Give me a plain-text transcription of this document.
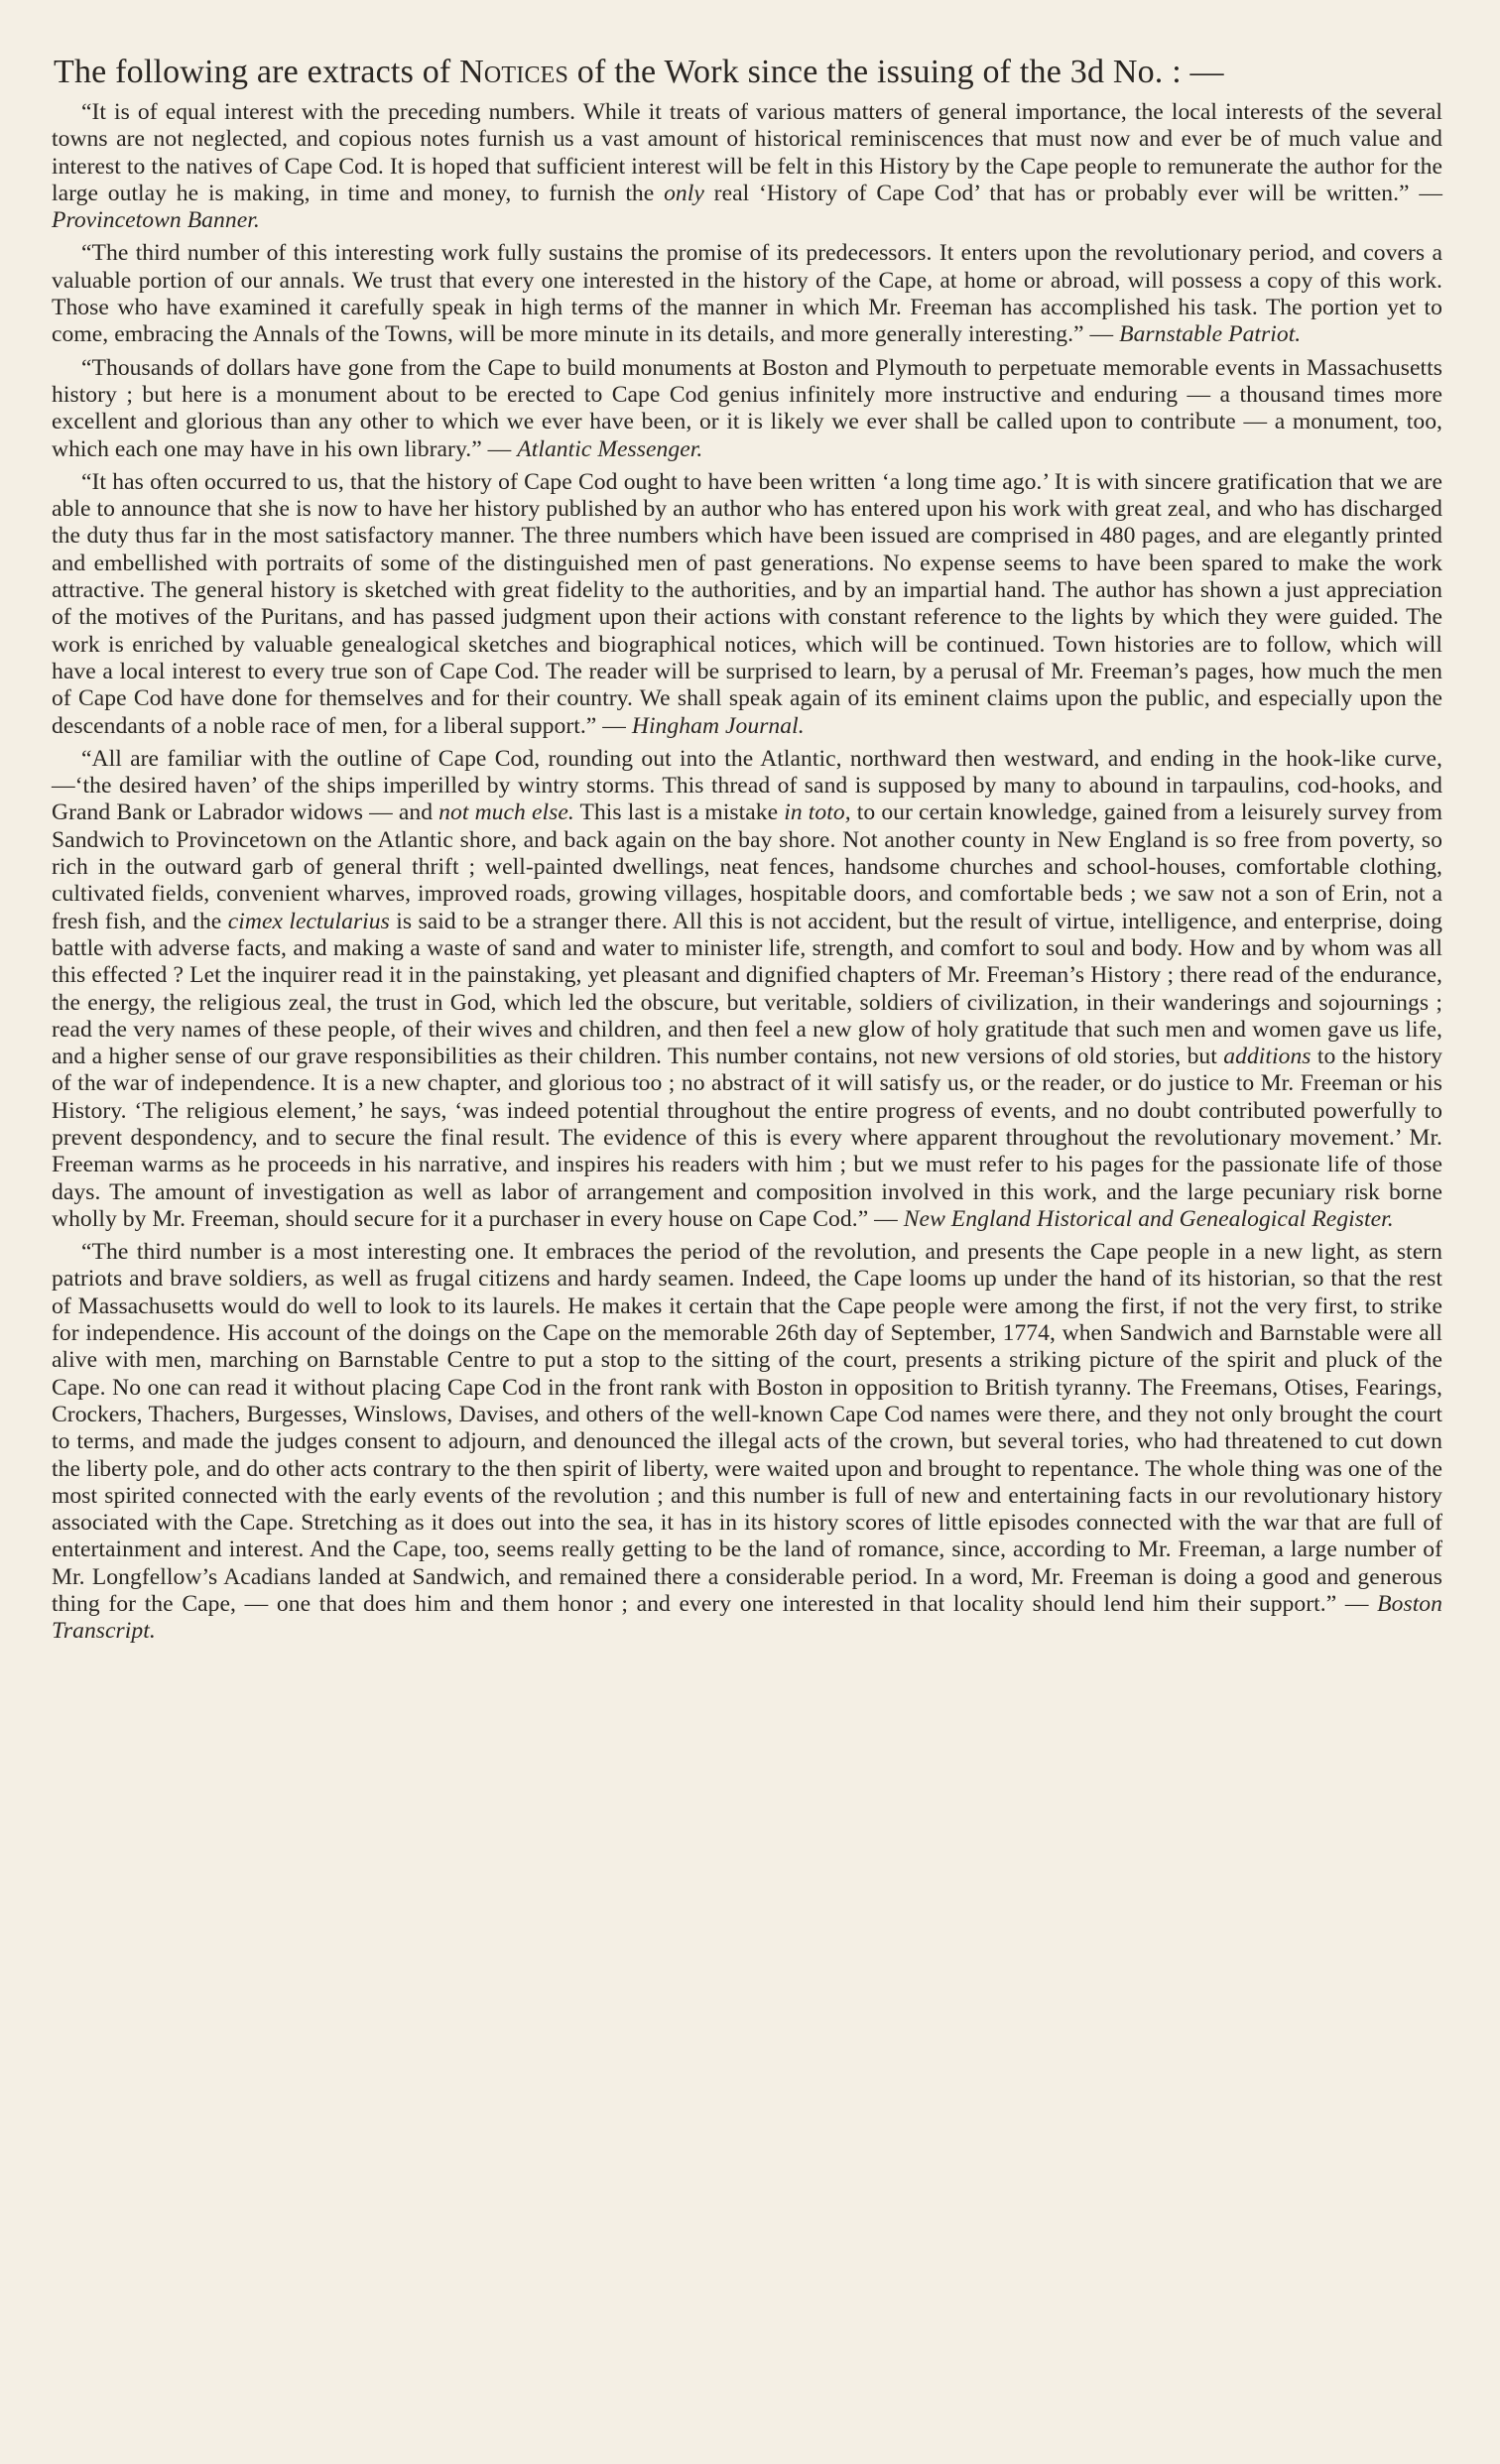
The following are extracts of Notices of the Work since the issuing of the 3d No. : —

“It is of equal interest with the preceding numbers. While it treats of various matters of general importance, the local interests of the several towns are not neglected, and copious notes furnish us a vast amount of historical reminiscences that must now and ever be of much value and interest to the natives of Cape Cod. It is hoped that sufficient interest will be felt in this History by the Cape people to remunerate the author for the large outlay he is making, in time and money, to furnish the only real ‘History of Cape Cod’ that has or probably ever will be written.” — Provincetown Banner.

“The third number of this interesting work fully sustains the promise of its predecessors. It enters upon the revolutionary period, and covers a valuable portion of our annals. We trust that every one interested in the history of the Cape, at home or abroad, will possess a copy of this work. Those who have examined it carefully speak in high terms of the manner in which Mr. Freeman has accomplished his task. The portion yet to come, embracing the Annals of the Towns, will be more minute in its details, and more generally interesting.” — Barnstable Patriot.

“Thousands of dollars have gone from the Cape to build monuments at Boston and Plymouth to perpetuate memorable events in Massachusetts history ; but here is a monument about to be erected to Cape Cod genius infinitely more instructive and enduring — a thousand times more excellent and glorious than any other to which we ever have been, or it is likely we ever shall be called upon to contribute — a monument, too, which each one may have in his own library.” — Atlantic Messenger.

“It has often occurred to us, that the history of Cape Cod ought to have been written ‘a long time ago.’ It is with sincere gratification that we are able to announce that she is now to have her history published by an author who has entered upon his work with great zeal, and who has discharged the duty thus far in the most satisfactory manner. The three numbers which have been issued are comprised in 480 pages, and are elegantly printed and embellished with portraits of some of the distinguished men of past generations. No expense seems to have been spared to make the work attractive. The general history is sketched with great fidelity to the authorities, and by an impartial hand. The author has shown a just appreciation of the motives of the Puritans, and has passed judgment upon their actions with constant reference to the lights by which they were guided. The work is enriched by valuable genealogical sketches and biographical notices, which will be continued. Town histories are to follow, which will have a local interest to every true son of Cape Cod. The reader will be surprised to learn, by a perusal of Mr. Freeman’s pages, how much the men of Cape Cod have done for themselves and for their country. We shall speak again of its eminent claims upon the public, and especially upon the descendants of a noble race of men, for a liberal support.” — Hingham Journal.

“All are familiar with the outline of Cape Cod, rounding out into the Atlantic, northward then westward, and ending in the hook-like curve, —‘the desired haven’ of the ships imperilled by wintry storms. This thread of sand is supposed by many to abound in tarpaulins, cod-hooks, and Grand Bank or Labrador widows — and not much else. This last is a mistake in toto, to our certain knowledge, gained from a leisurely survey from Sandwich to Provincetown on the Atlantic shore, and back again on the bay shore. Not another county in New England is so free from poverty, so rich in the outward garb of general thrift ; well-painted dwellings, neat fences, handsome churches and school-houses, comfortable clothing, cultivated fields, convenient wharves, improved roads, growing villages, hospitable doors, and comfortable beds ; we saw not a son of Erin, not a fresh fish, and the cimex lectularius is said to be a stranger there. All this is not accident, but the result of virtue, intelligence, and enterprise, doing battle with adverse facts, and making a waste of sand and water to minister life, strength, and comfort to soul and body. How and by whom was all this effected ? Let the inquirer read it in the painstaking, yet pleasant and dignified chapters of Mr. Freeman’s History ; there read of the endurance, the energy, the religious zeal, the trust in God, which led the obscure, but veritable, soldiers of civilization, in their wanderings and sojournings ; read the very names of these people, of their wives and children, and then feel a new glow of holy gratitude that such men and women gave us life, and a higher sense of our grave responsibilities as their children. This number contains, not new versions of old stories, but additions to the history of the war of independence. It is a new chapter, and glorious too ; no abstract of it will satisfy us, or the reader, or do justice to Mr. Freeman or his History. ‘The religious element,’ he says, ‘was indeed potential throughout the entire progress of events, and no doubt contributed powerfully to prevent despondency, and to secure the final result. The evidence of this is every where apparent throughout the revolutionary movement.’ Mr. Freeman warms as he proceeds in his narrative, and inspires his readers with him ; but we must refer to his pages for the passionate life of those days. The amount of investigation as well as labor of arrangement and composition involved in this work, and the large pecuniary risk borne wholly by Mr. Freeman, should secure for it a purchaser in every house on Cape Cod.” — New England Historical and Genealogical Register.

“The third number is a most interesting one. It embraces the period of the revolution, and presents the Cape people in a new light, as stern patriots and brave soldiers, as well as frugal citizens and hardy seamen. Indeed, the Cape looms up under the hand of its historian, so that the rest of Massachusetts would do well to look to its laurels. He makes it certain that the Cape people were among the first, if not the very first, to strike for independence. His account of the doings on the Cape on the memorable 26th day of September, 1774, when Sandwich and Barnstable were all alive with men, marching on Barnstable Centre to put a stop to the sitting of the court, presents a striking picture of the spirit and pluck of the Cape. No one can read it without placing Cape Cod in the front rank with Boston in opposition to British tyranny. The Freemans, Otises, Fearings, Crockers, Thachers, Burgesses, Winslows, Davises, and others of the well-known Cape Cod names were there, and they not only brought the court to terms, and made the judges consent to adjourn, and denounced the illegal acts of the crown, but several tories, who had threatened to cut down the liberty pole, and do other acts contrary to the then spirit of liberty, were waited upon and brought to repentance. The whole thing was one of the most spirited connected with the early events of the revolution ; and this number is full of new and entertaining facts in our revolutionary history associated with the Cape. Stretching as it does out into the sea, it has in its history scores of little episodes connected with the war that are full of entertainment and interest. And the Cape, too, seems really getting to be the land of romance, since, according to Mr. Freeman, a large number of Mr. Longfellow’s Acadians landed at Sandwich, and remained there a considerable period. In a word, Mr. Freeman is doing a good and generous thing for the Cape, — one that does him and them honor ; and every one interested in that locality should lend him their support.” — Boston Transcript.
